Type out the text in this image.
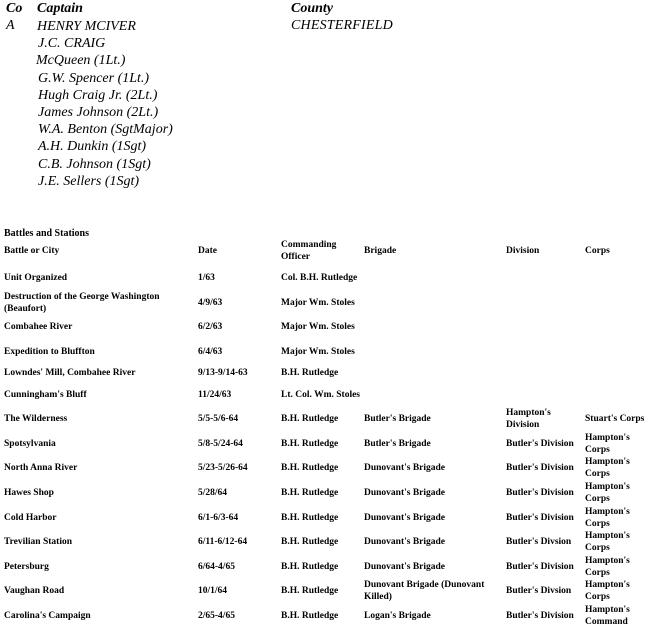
Co Captain	County
A HENRY MCIVER
J.C. CRAIG
McQueen (1Lt.)
G.W. Spencer (1Lt.)
Hugh Craig Jr. (2Lt.)
James Johnson (2Lt.)
W.A. Benton (SgtMajor)
A.H. Dunkin (1Sgt)
C.B. Johnson (1Sgt)
J.E. Sellers (1Sgt)
CHESTERFIELD
Battles and Stations
Battle or City	Date	Commanding Officer	Brigade	Division	Corps
Unit Organized	1/63	Col. B.H. Rutledge			
Destruction of the George Washington (Beaufort)	4/9/63	Major Wm. Stoles			
Combahee River	6/2/63	Major Wm. Stoles			
Expedition to Bluffton	6/4/63	Major Wm. Stoles			
Lowndes' Mill, Combahee River	9/13-9/14-63	B.H. Rutledge			
Cunningham's Bluff	11/24/63	Lt. Col. Wm. Stoles			
The Wilderness	5/5-5/6-64	B.H. Rutledge	Butler's Brigade	Hampton's Division	Stuart's Corps
Spotsylvania	5/8-5/24-64	B.H. Rutledge	Butler's Brigade	Butler's Division	Hampton's Corps
North Anna River	5/23-5/26-64	B.H. Rutledge	Dunovant's Brigade	Butler's Division	Hampton's Corps
Hawes Shop	5/28/64	B.H. Rutledge	Dunovant's Brigade	Butler's Division	Hampton's Corps
Cold Harbor	6/1-6/3-64	B.H. Rutledge	Dunovant's Brigade	Butler's Division	Hampton's Corps
Trevilian Station	6/11-6/12-64	B.H. Rutledge	Dunovant's Brigade	Butler's Divsion	Hampton's Corps
Petersburg	6/64-4/65	B.H. Rutledge	Dunovant's Brigade	Butler's Division	Hampton's Corps
Vaughan Road	10/1/64	B.H. Rutledge	Dunovant Brigade (Dunovant Killed)	Butler's Divsion	Hampton's Corps
Carolina's Campaign	2/65-4/65	B.H. Rutledge	Logan's Brigade	Butler's Division	Hampton's Command
